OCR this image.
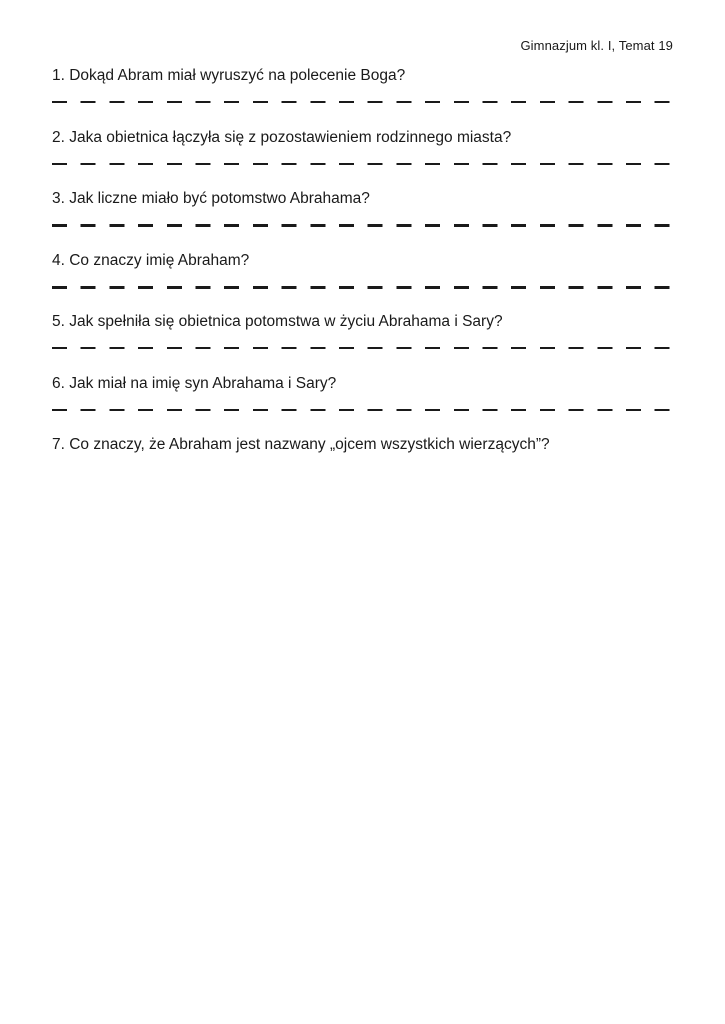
Gimnazjum kl. I, Temat 19
1. Dokąd Abram miał wyruszyć na polecenie Boga?
2. Jaka obietnica łączyła się z pozostawieniem rodzinnego miasta?
3. Jak liczne miało być potomstwo Abrahama?
4. Co znaczy imię Abraham?
5. Jak spełniła się obietnica potomstwa w życiu Abrahama i Sary?
6. Jak miał na imię syn Abrahama i Sary?
7. Co znaczy, że Abraham jest nazwany „ojcem wszystkich wierzących”?
